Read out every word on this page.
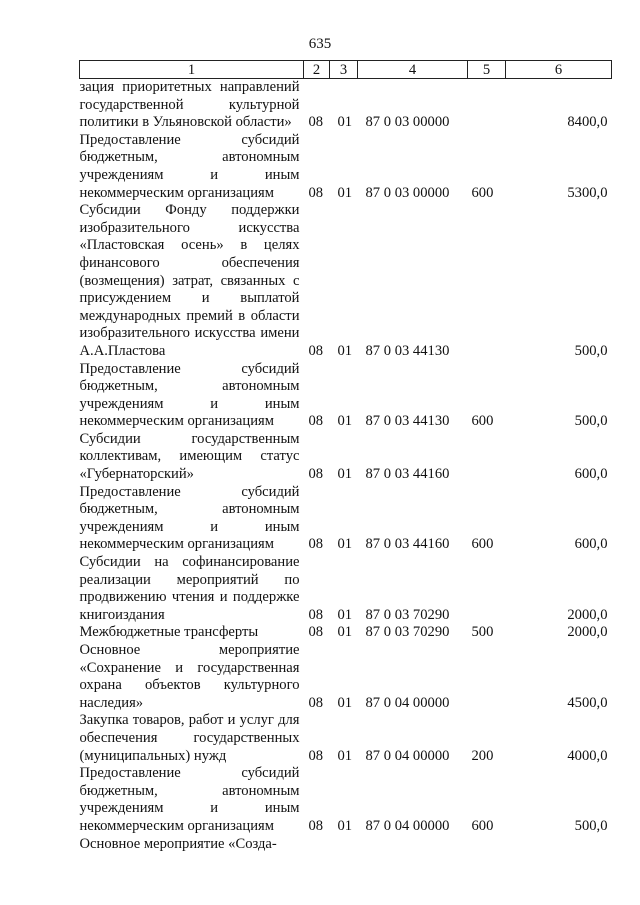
635
1	2	3	4	5	6
зация приоритетных направлений государственной культурной политики в Ульяновской области»	08	01	87 0 03 00000		8400,0
Предоставление субсидий бюджетным, автономным учреждениям и иным некоммерческим организациям	08	01	87 0 03 00000	600	5300,0
Субсидии Фонду поддержки изобразительного искусства «Пластовская осень» в целях финансового обеспечения (возмещения) затрат, связанных с присуждением и выплатой международных премий в области изобразительного искусства имени А.А.Пластова	08	01	87 0 03 44130		500,0
Предоставление субсидий бюджетным, автономным учреждениям и иным некоммерческим организациям	08	01	87 0 03 44130	600	500,0
Субсидии государственным коллективам, имеющим статус «Губернаторский»	08	01	87 0 03 44160		600,0
Предоставление субсидий бюджетным, автономным учреждениям и иным некоммерческим организациям	08	01	87 0 03 44160	600	600,0
Субсидии на софинансирование реализации мероприятий по продвижению чтения и поддержке книгоиздания	08	01	87 0 03 70290		2000,0
Межбюджетные трансферты	08	01	87 0 03 70290	500	2000,0
Основное мероприятие «Сохранение и государственная охрана объектов культурного наследия»	08	01	87 0 04 00000		4500,0
Закупка товаров, работ и услуг для обеспечения государственных (муниципальных) нужд	08	01	87 0 04 00000	200	4000,0
Предоставление субсидий бюджетным, автономным учреждениям и иным некоммерческим организациям	08	01	87 0 04 00000	600	500,0
Основное мероприятие «Созда-					
